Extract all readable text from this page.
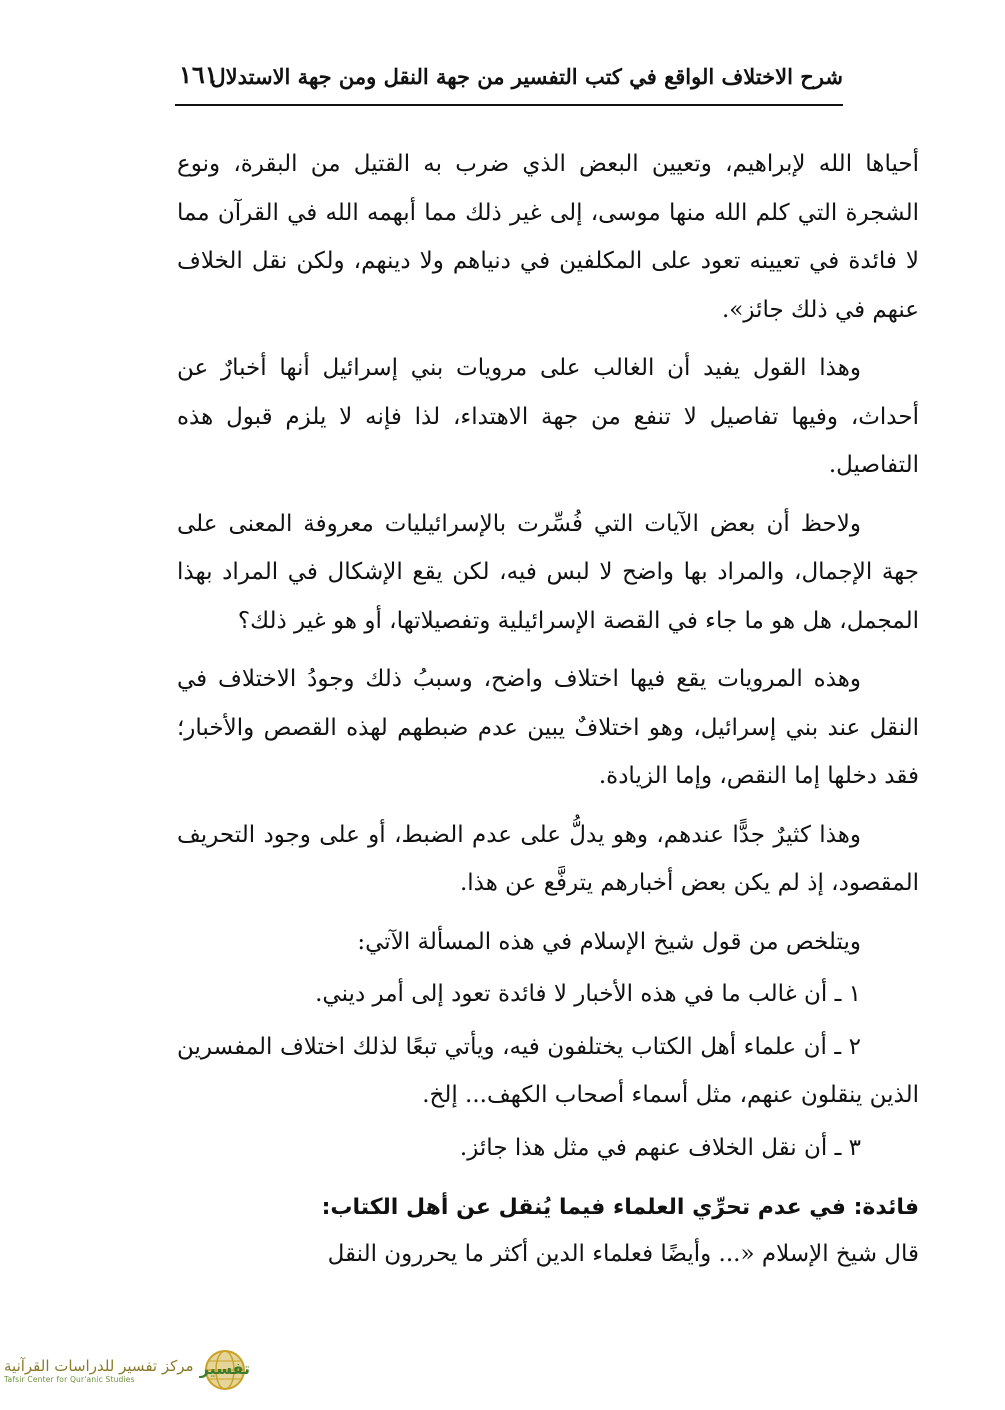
شرح الاختلاف الواقع في كتب التفسير من جهة النقل ومن جهة الاستدلال
١٦١

أحياها الله لإبراهيم، وتعيين البعض الذي ضرب به القتيل من البقرة، ونوع الشجرة التي كلم الله منها موسى، إلى غير ذلك مما أبهمه الله في القرآن مما لا فائدة في تعيينه تعود على المكلفين في دنياهم ولا دينهم، ولكن نقل الخلاف عنهم في ذلك جائز».

وهذا القول يفيد أن الغالب على مرويات بني إسرائيل أنها أخبارٌ عن أحداث، وفيها تفاصيل لا تنفع من جهة الاهتداء، لذا فإنه لا يلزم قبول هذه التفاصيل.

ولاحظ أن بعض الآيات التي فُسِّرت بالإسرائيليات معروفة المعنى على جهة الإجمال، والمراد بها واضح لا لبس فيه، لكن يقع الإشكال في المراد بهذا المجمل، هل هو ما جاء في القصة الإسرائيلية وتفصيلاتها، أو هو غير ذلك؟

وهذه المرويات يقع فيها اختلاف واضح، وسببُ ذلك وجودُ الاختلاف في النقل عند بني إسرائيل، وهو اختلافٌ يبين عدم ضبطهم لهذه القصص والأخبار؛ فقد دخلها إما النقص، وإما الزيادة.

وهذا كثيرٌ جدًّا عندهم، وهو يدلُّ على عدم الضبط، أو على وجود التحريف المقصود، إذ لم يكن بعض أخبارهم يترفَّع عن هذا.

ويتلخص من قول شيخ الإسلام في هذه المسألة الآتي:

١ ـ أن غالب ما في هذه الأخبار لا فائدة تعود إلى أمر ديني.

٢ ـ أن علماء أهل الكتاب يختلفون فيه، ويأتي تبعًا لذلك اختلاف المفسرين الذين ينقلون عنهم، مثل أسماء أصحاب الكهف... إلخ.

٣ ـ أن نقل الخلاف عنهم في مثل هذا جائز.

فائدة: في عدم تحرِّي العلماء فيما يُنقل عن أهل الكتاب:

قال شيخ الإسلام «... وأيضًا فعلماء الدين أكثر ما يحررون النقل

مركز تفسير للدراسات القرآنية
Tafsir Center for Qur'anic Studies
تفسير
